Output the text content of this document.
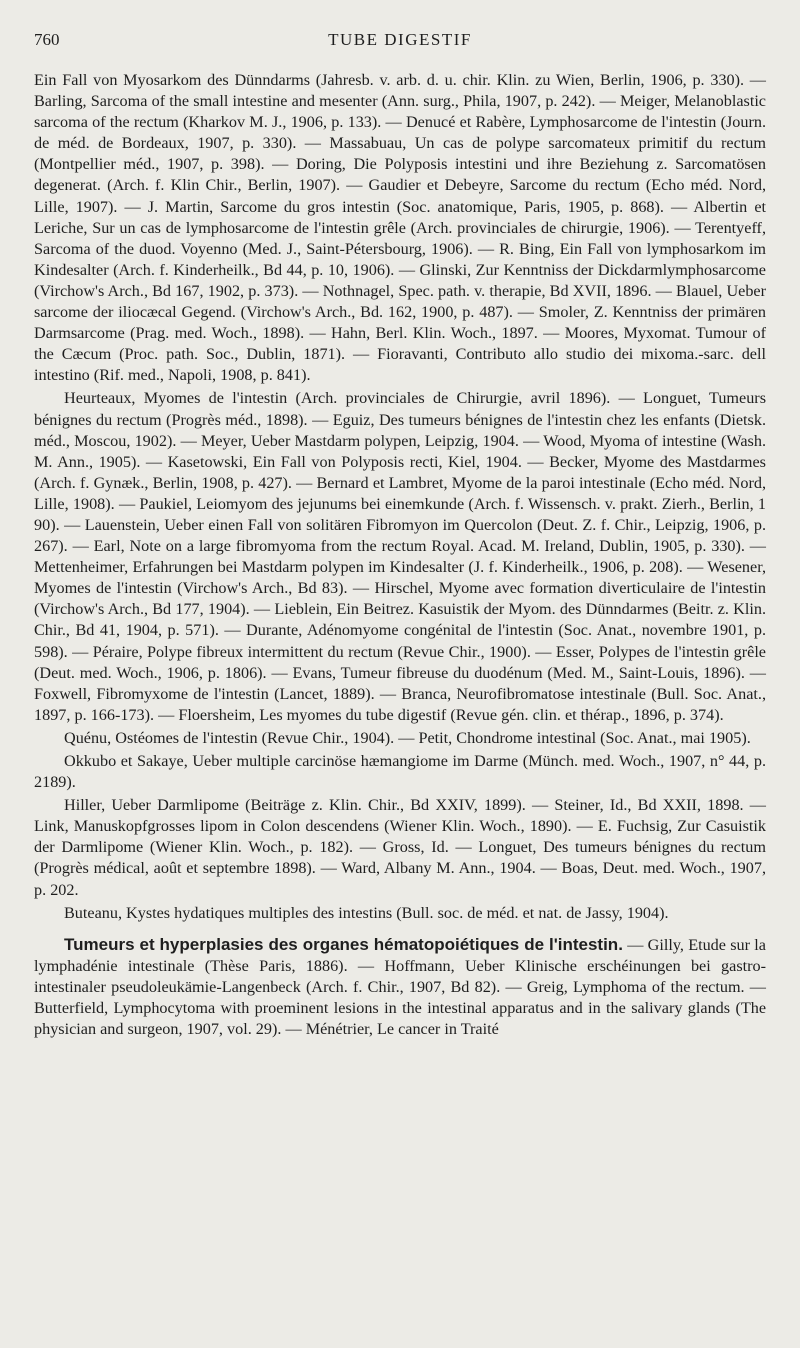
760	TUBE DIGESTIF

Ein Fall von Myosarkom des Dünndarms (Jahresb. v. arb. d. u. chir. Klin. zu Wien, Berlin, 1906, p. 330). — Barling, Sarcoma of the small intestine and mesenter (Ann. surg., Phila, 1907, p. 242). — Meiger, Melanoblastic sarcoma of the rectum (Kharkov M. J., 1906, p. 133). — Denucé et Rabère, Lymphosarcome de l'intestin (Journ. de méd. de Bordeaux, 1907, p. 330). — Massabuau, Un cas de polype sarcomateux primitif du rectum (Montpellier méd., 1907, p. 398). — Doring, Die Polyposis intestini und ihre Beziehung z. Sarcomatösen degenerat. (Arch. f. Klin Chir., Berlin, 1907). — Gaudier et Debeyre, Sarcome du rectum (Echo méd. Nord, Lille, 1907). — J. Martin, Sarcome du gros intestin (Soc. anatomique, Paris, 1905, p. 868). — Albertin et Leriche, Sur un cas de lymphosarcome de l'intestin grêle (Arch. provinciales de chirurgie, 1906). — Terentyeff, Sarcoma of the duod. Voyenno (Med. J., Saint-Pétersbourg, 1906). — R. Bing, Ein Fall von lymphosarkom im Kindesalter (Arch. f. Kinderheilk., Bd 44, p. 10, 1906). — Glinski, Zur Kenntniss der Dickdarmlymphosarcome (Virchow's Arch., Bd 167, 1902, p. 373). — Nothnagel, Spec. path. v. therapie, Bd XVII, 1896. — Blauel, Ueber sarcome der iliocæcal Gegend. (Virchow's Arch., Bd. 162, 1900, p. 487). — Smoler, Z. Kenntniss der primären Darmsarcome (Prag. med. Woch., 1898). — Hahn, Berl. Klin. Woch., 1897. — Moores, Myxomat. Tumour of the Cæcum (Proc. path. Soc., Dublin, 1871). — Fioravanti, Contributo allo studio dei mixoma.-sarc. dell intestino (Rif. med., Napoli, 1908, p. 841).

Heurteaux, Myomes de l'intestin (Arch. provinciales de Chirurgie, avril 1896). — Longuet, Tumeurs bénignes du rectum (Progrès méd., 1898). — Eguiz, Des tumeurs bénignes de l'intestin chez les enfants (Dietsk. méd., Moscou, 1902). — Meyer, Ueber Mastdarm polypen, Leipzig, 1904. — Wood, Myoma of intestine (Wash. M. Ann., 1905). — Kasetowski, Ein Fall von Polyposis recti, Kiel, 1904. — Becker, Myome des Mastdarmes (Arch. f. Gynæk., Berlin, 1908, p. 427). — Bernard et Lambret, Myome de la paroi intestinale (Echo méd. Nord, Lille, 1908). — Paukiel, Leiomyom des jejunums bei einemkunde (Arch. f. Wissensch. v. prakt. Zierh., Berlin, 1 90). — Lauenstein, Ueber einen Fall von solitären Fibromyon im Quercolon (Deut. Z. f. Chir., Leipzig, 1906, p. 267). — Earl, Note on a large fibromyoma from the rectum Royal. Acad. M. Ireland, Dublin, 1905, p. 330). — Mettenheimer, Erfahrungen bei Mastdarm polypen im Kindesalter (J. f. Kinderheilk., 1906, p. 208). — Wesener, Myomes de l'intestin (Virchow's Arch., Bd 83). — Hirschel, Myome avec formation diverticulaire de l'intestin (Virchow's Arch., Bd 177, 1904). — Lieblein, Ein Beitrez. Kasuistik der Myom. des Dünndarmes (Beitr. z. Klin. Chir., Bd 41, 1904, p. 571). — Durante, Adénomyome congénital de l'intestin (Soc. Anat., novembre 1901, p. 598). — Péraire, Polype fibreux intermittent du rectum (Revue Chir., 1900). — Esser, Polypes de l'intestin grêle (Deut. med. Woch., 1906, p. 1806). — Evans, Tumeur fibreuse du duodénum (Med. M., Saint-Louis, 1896). — Foxwell, Fibromyxome de l'intestin (Lancet, 1889). — Branca, Neurofibromatose intestinale (Bull. Soc. Anat., 1897, p. 166-173). — Floersheim, Les myomes du tube digestif (Revue gén. clin. et thérap., 1896, p. 374).

Quénu, Ostéomes de l'intestin (Revue Chir., 1904). — Petit, Chondrome intestinal (Soc. Anat., mai 1905).

Okkubo et Sakaye, Ueber multiple carcinöse hæmangiome im Darme (Münch. med. Woch., 1907, n° 44, p. 2189).

Hiller, Ueber Darmlipome (Beiträge z. Klin. Chir., Bd XXIV, 1899). — Steiner, Id., Bd XXII, 1898. — Link, Manuskopfgrosses lipom in Colon descendens (Wiener Klin. Woch., 1890). — E. Fuchsig, Zur Casuistik der Darmlipome (Wiener Klin. Woch., p. 182). — Gross, Id. — Longuet, Des tumeurs bénignes du rectum (Progrès médical, août et septembre 1898). — Ward, Albany M. Ann., 1904. — Boas, Deut. med. Woch., 1907, p. 202.

Buteanu, Kystes hydatiques multiples des intestins (Bull. soc. de méd. et nat. de Jassy, 1904).

Tumeurs et hyperplasies des organes hématopoiétiques de l'intestin. — Gilly, Etude sur la lymphadénie intestinale (Thèse Paris, 1886). — Hoffmann, Ueber Klinische erschéinungen bei gastro-intestinaler pseudoleukämie-Langenbeck (Arch. f. Chir., 1907, Bd 82). — Greig, Lymphoma of the rectum. — Butterfield, Lymphocytoma with proeminent lesions in the intestinal apparatus and in the salivary glands (The physician and surgeon, 1907, vol. 29). — Ménétrier, Le cancer in Traité
